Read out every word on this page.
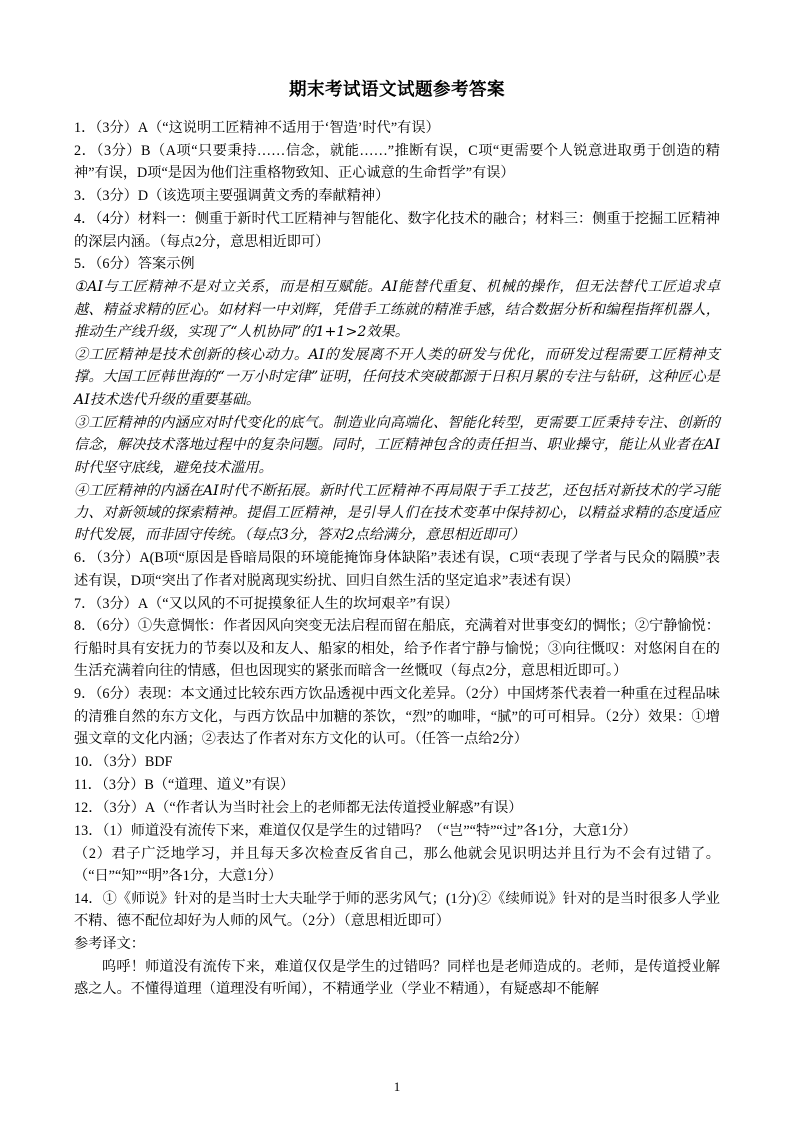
期末考试语文试题参考答案

1．（3分）A（“这说明工匠精神不适用于‘智造’时代”有误）

2．（3分）B（A项“只要秉持……信念，就能……”推断有误，C项“更需要个人锐意进取勇于创造的精神”有误，D项“是因为他们注重格物致知、正心诚意的生命哲学”有误）

3．（3分）D（该选项主要强调黄文秀的奉献精神）

4．（4分）材料一：侧重于新时代工匠精神与智能化、数字化技术的融合；材料三：侧重于挖掘工匠精神的深层内涵。（每点2分，意思相近即可）

5．（6分）答案示例

①AI与工匠精神不是对立关系，而是相互赋能。AI能替代重复、机械的操作，但无法替代工匠追求卓越、精益求精的匠心。如材料一中刘辉，凭借手工练就的精准手感，结合数据分析和编程指挥机器人，推动生产线升级，实现了“人机协同”的1+1>2效果。

②工匠精神是技术创新的核心动力。AI的发展离不开人类的研发与优化，而研发过程需要工匠精神支撑。大国工匠韩世海的“一万小时定律”证明，任何技术突破都源于日积月累的专注与钻研，这种匠心是AI技术迭代升级的重要基础。

③工匠精神的内涵应对时代变化的底气。制造业向高端化、智能化转型，更需要工匠秉持专注、创新的信念，解决技术落地过程中的复杂问题。同时，工匠精神包含的责任担当、职业操守，能让从业者在AI时代坚守底线，避免技术滥用。

④工匠精神的内涵在AI时代不断拓展。新时代工匠精神不再局限于手工技艺，还包括对新技术的学习能力、对新领域的探索精神。提倡工匠精神，是引导人们在技术变革中保持初心，以精益求精的态度适应时代发展，而非固守传统。（每点3分，答对2点给满分，意思相近即可）

6．（3分）A(B项“原因是昏暗局限的环境能掩饰身体缺陷”表述有误，C项“表现了学者与民众的隔膜”表述有误，D项“突出了作者对脱离现实纷扰、回归自然生活的坚定追求”表述有误）

7．（3分）A（“又以风的不可捉摸象征人生的坎坷艰辛”有误）

8．（6分）①失意惆怅：作者因风向突变无法启程而留在船底，充满着对世事变幻的惆怅；②宁静愉悦：行船时具有安抚力的节奏以及和友人、船家的相处，给予作者宁静与愉悦；③向往慨叹：对悠闲自在的生活充满着向往的情感，但也因现实的紧张而暗含一丝慨叹（每点2分，意思相近即可。）

9．（6分）表现：本文通过比较东西方饮品透视中西文化差异。（2分）中国烤茶代表着一种重在过程品味的清雅自然的东方文化，与西方饮品中加糖的茶饮，“烈”的咖啡，“腻”的可可相异。（2分）效果：①增强文章的文化内涵；②表达了作者对东方文化的认可。（任答一点给2分）

10．（3分）BDF

11．（3分）B（“道理、道义”有误）

12．（3分）A（“作者认为当时社会上的老师都无法传道授业解惑”有误）

13．（1）师道没有流传下来，难道仅仅是学生的过错吗？（“岂”“特”“过”各1分，大意1分）

（2）君子广泛地学习，并且每天多次检查反省自己，那么他就会见识明达并且行为不会有过错了。（“日”“知”“明”各1分，大意1分）

14．①《师说》针对的是当时士大夫耻学于师的恶劣风气；(1分)②《续师说》针对的是当时很多人学业不精、德不配位却好为人师的风气。（2分）（意思相近即可）

参考译文：

呜呼！师道没有流传下来，难道仅仅是学生的过错吗？同样也是老师造成的。老师，是传道授业解惑之人。不懂得道理（道理没有听闻），不精通学业（学业不精通），有疑惑却不能解

1
